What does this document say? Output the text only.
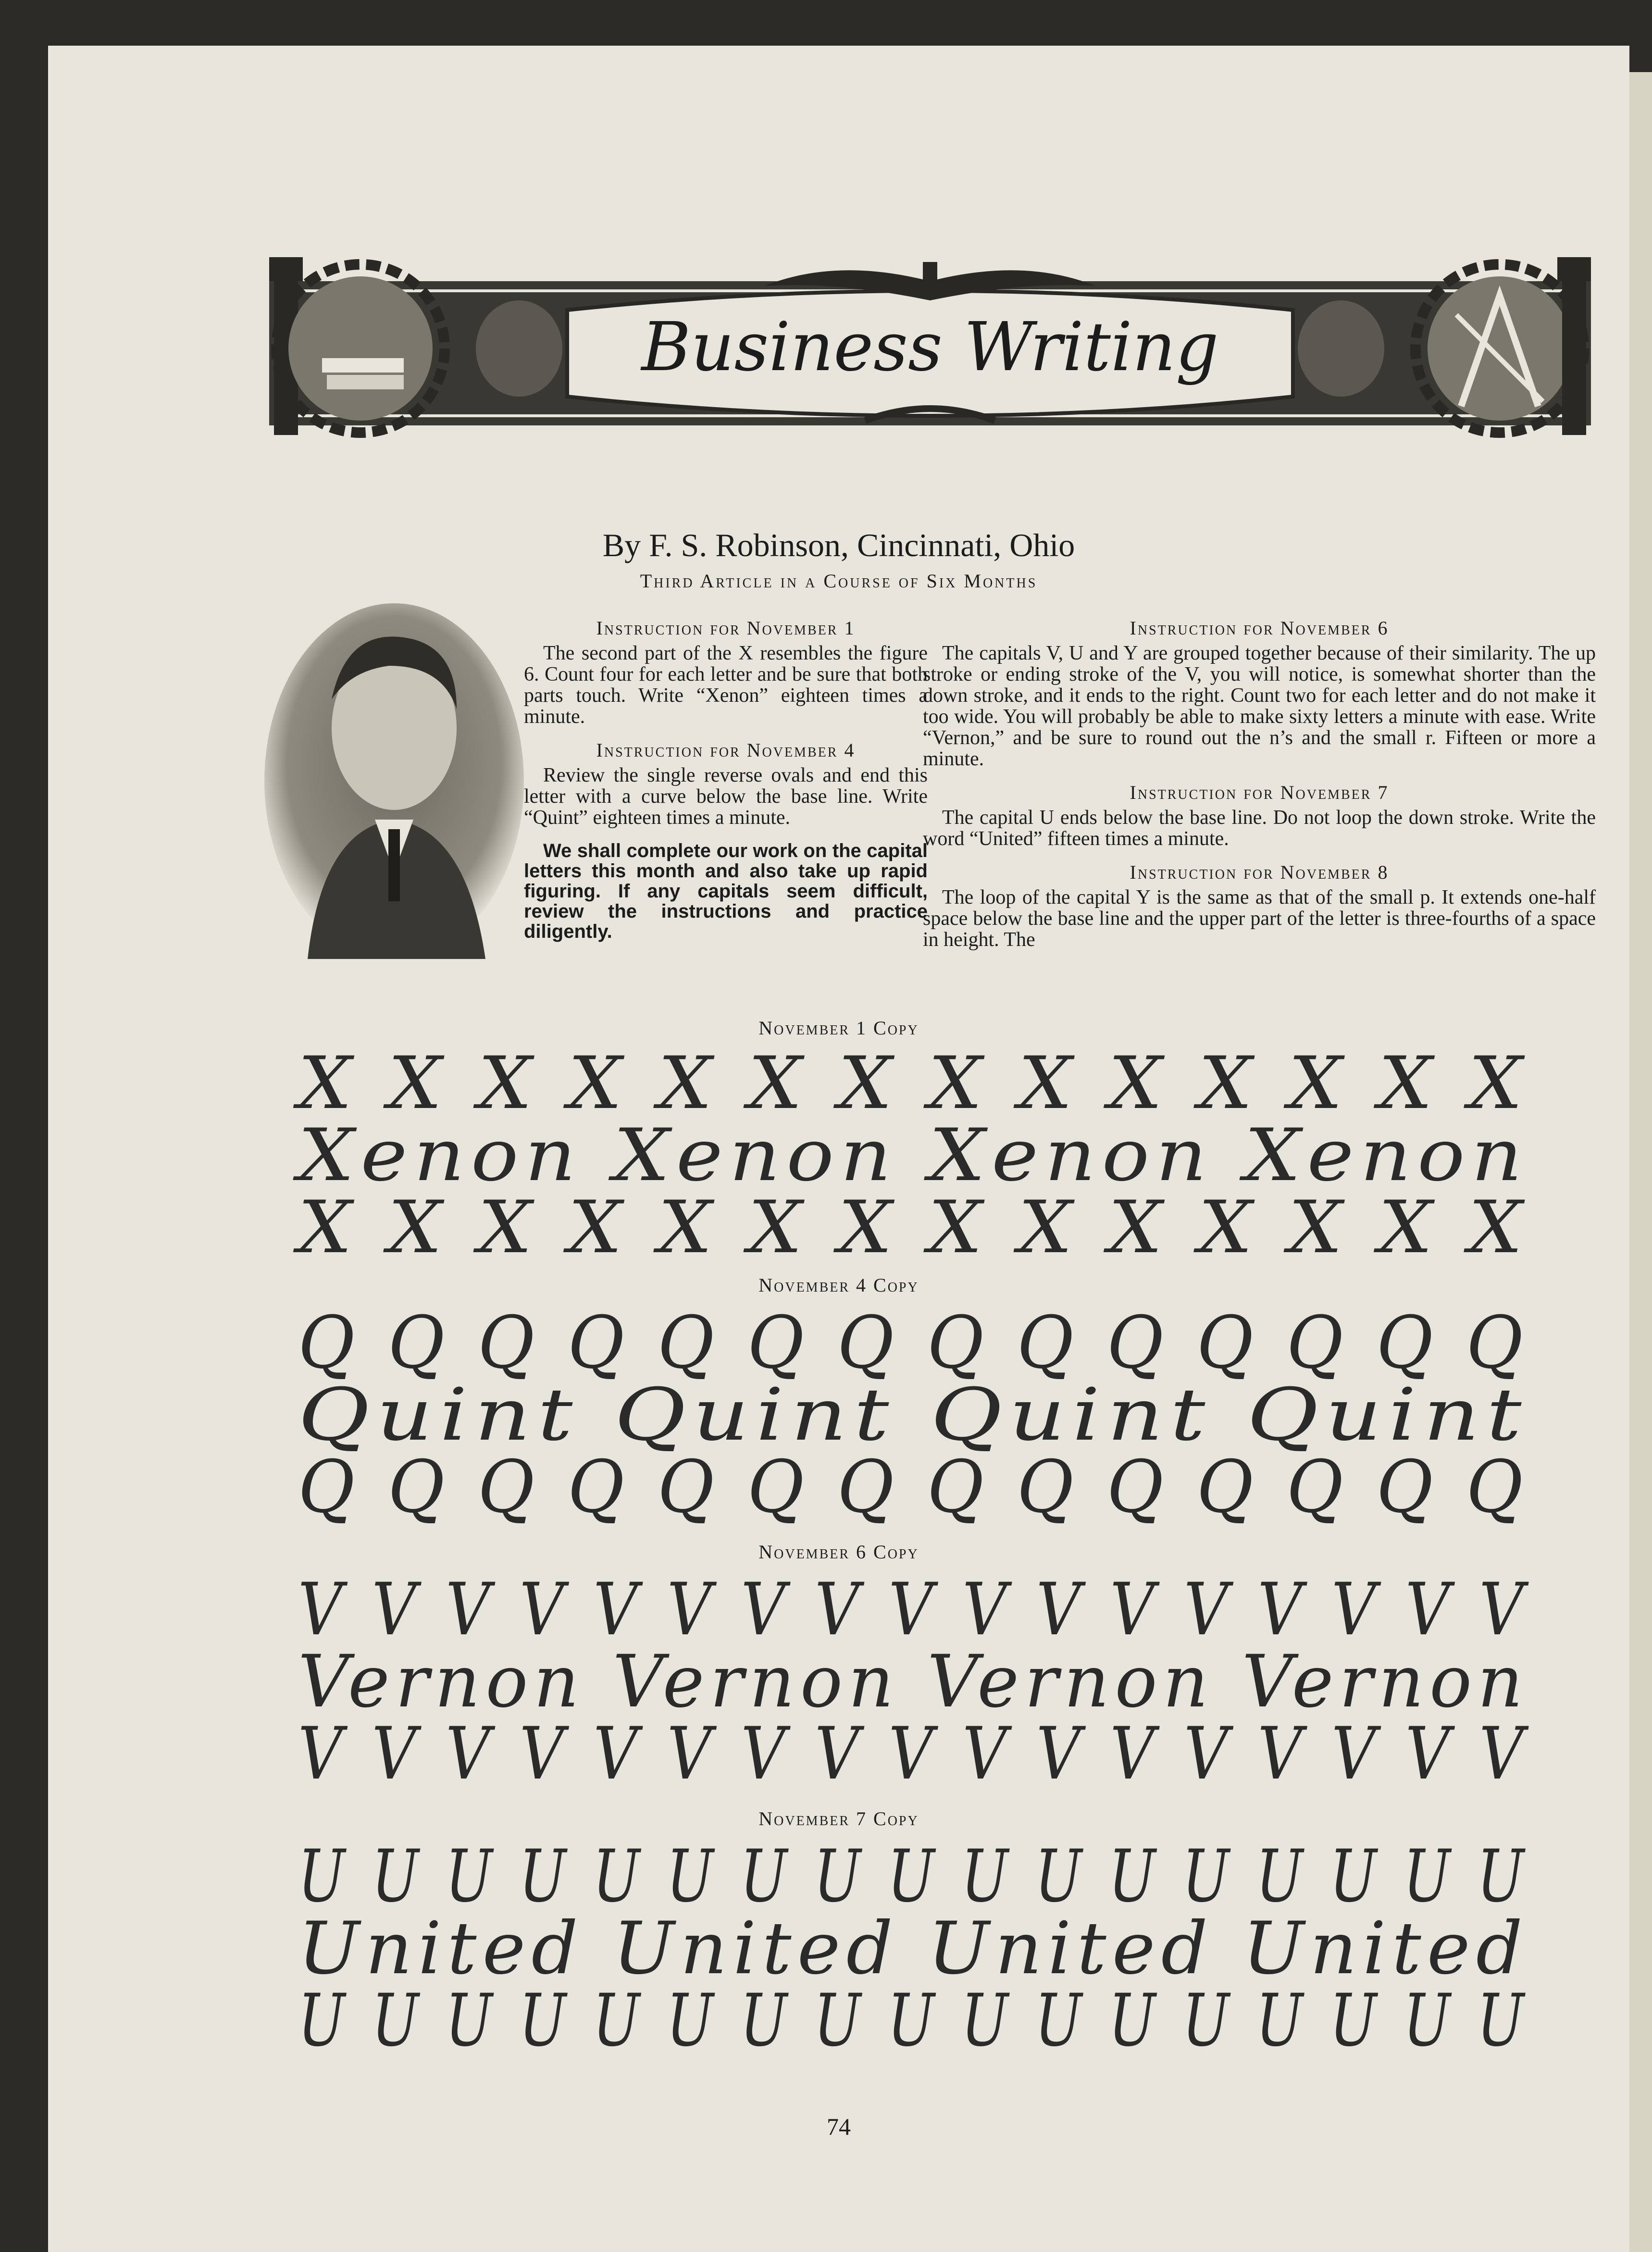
Business Writing
By F. S. Robinson, Cincinnati, Ohio
Third Article in a Course of Six Months
Instruction for November 1

The second part of the X resembles the figure 6. Count four for each letter and be sure that both parts touch. Write “Xenon” eighteen times a minute.

Instruction for November 4

Review the single reverse ovals and end this letter with a curve below the base line. Write “Quint” eighteen times a minute.

We shall complete our work on the capital letters this month and also take up rapid figuring. If any capitals seem difficult, review the instructions and practice diligently.

Instruction for November 6

The capitals V, U and Y are grouped together because of their similarity. The up stroke or ending stroke of the V, you will notice, is somewhat shorter than the down stroke, and it ends to the right. Count two for each letter and do not make it too wide. You will probably be able to make sixty letters a minute with ease. Write “Vernon,” and be sure to round out the n’s and the small r. Fifteen or more a minute.

Instruction for November 7

The capital U ends below the base line. Do not loop the down stroke. Write the word “United” fifteen times a minute.

Instruction for November 8

The loop of the capital Y is the same as that of the small p. It extends one-half space below the base line and the upper part of the letter is three-fourths of a space in height. The

November 1 Copy
X X X X X X X X X X X X X X
Xenon Xenon Xenon Xenon
X X X X X X X X X X X X X X
November 4 Copy
Q Q Q Q Q Q Q Q Q Q Q Q Q Q
Quint Quint Quint Quint
Q Q Q Q Q Q Q Q Q Q Q Q Q Q
November 6 Copy
V V V V V V V V V V V V V V V V V
Vernon Vernon Vernon Vernon
V V V V V V V V V V V V V V V V V
November 7 Copy
U U U U U U U U U U U U U U U U U
United United United United
U U U U U U U U U U U U U U U U U
74
